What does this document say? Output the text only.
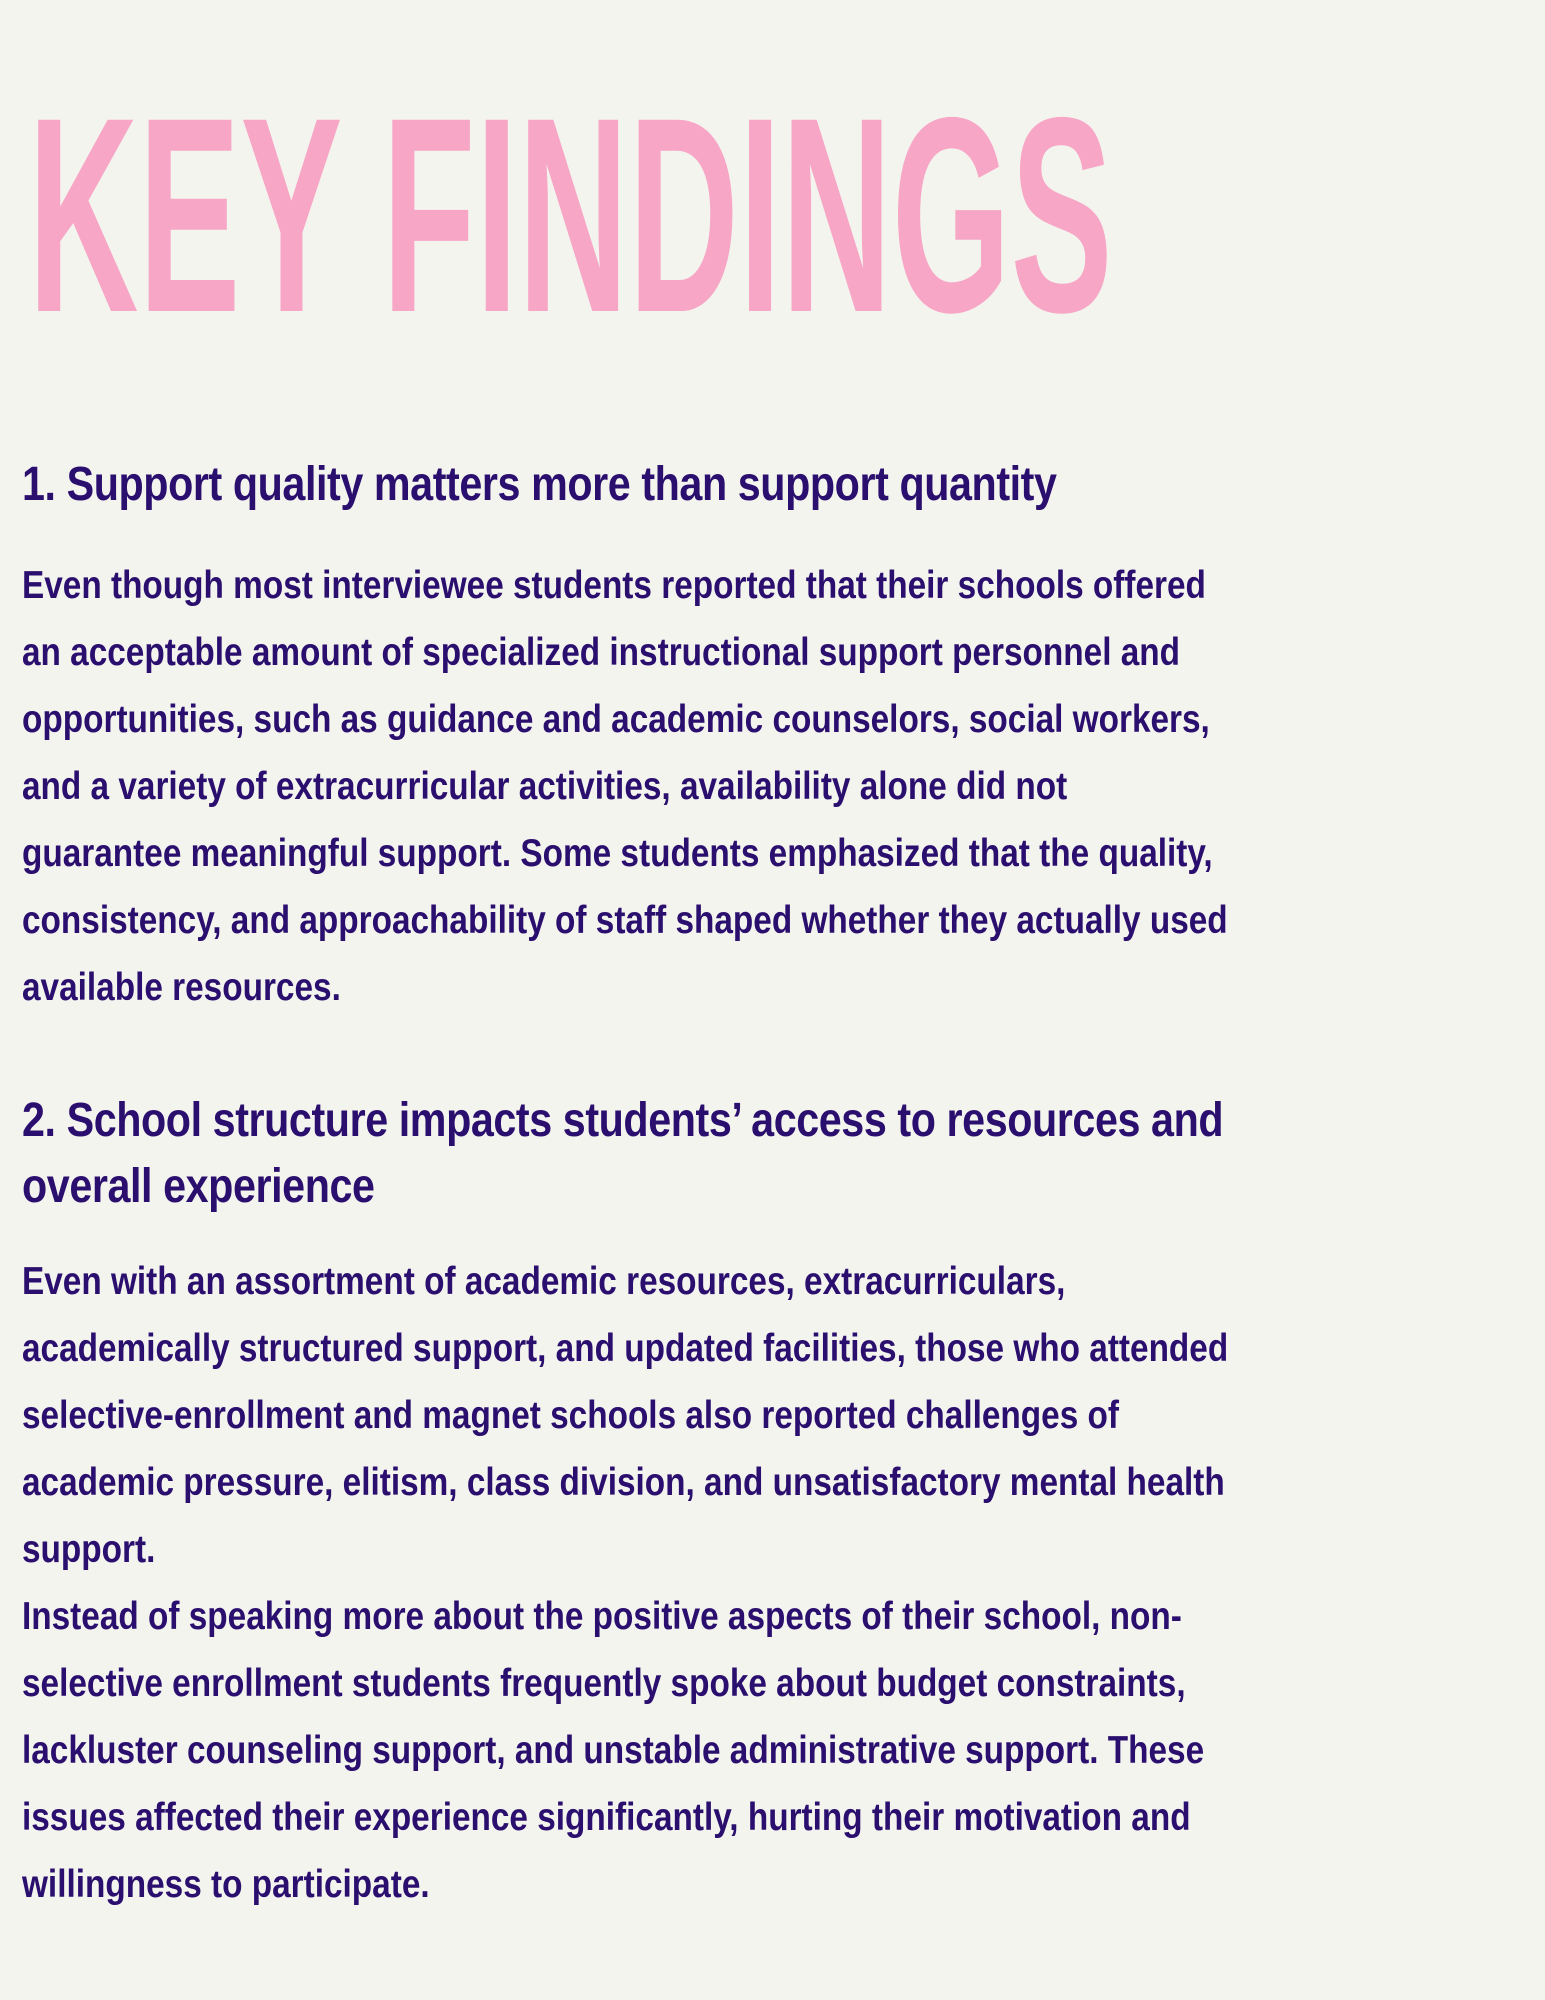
KEY FINDINGS
1. Support quality matters more than support quantity
Even though most interviewee students reported that their schools offered
an acceptable amount of specialized instructional support personnel and
opportunities, such as guidance and academic counselors, social workers,
and a variety of extracurricular activities, availability alone did not
guarantee meaningful support. Some students emphasized that the quality,
consistency, and approachability of staff shaped whether they actually used
available resources.
2. School structure impacts students’ access to resources and
overall experience
Even with an assortment of academic resources, extracurriculars,
academically structured support, and updated facilities, those who attended
selective-enrollment and magnet schools also reported challenges of
academic pressure, elitism, class division, and unsatisfactory mental health
support.
Instead of speaking more about the positive aspects of their school, non-
selective enrollment students frequently spoke about budget constraints,
lackluster counseling support, and unstable administrative support. These
issues affected their experience significantly, hurting their motivation and
willingness to participate.
